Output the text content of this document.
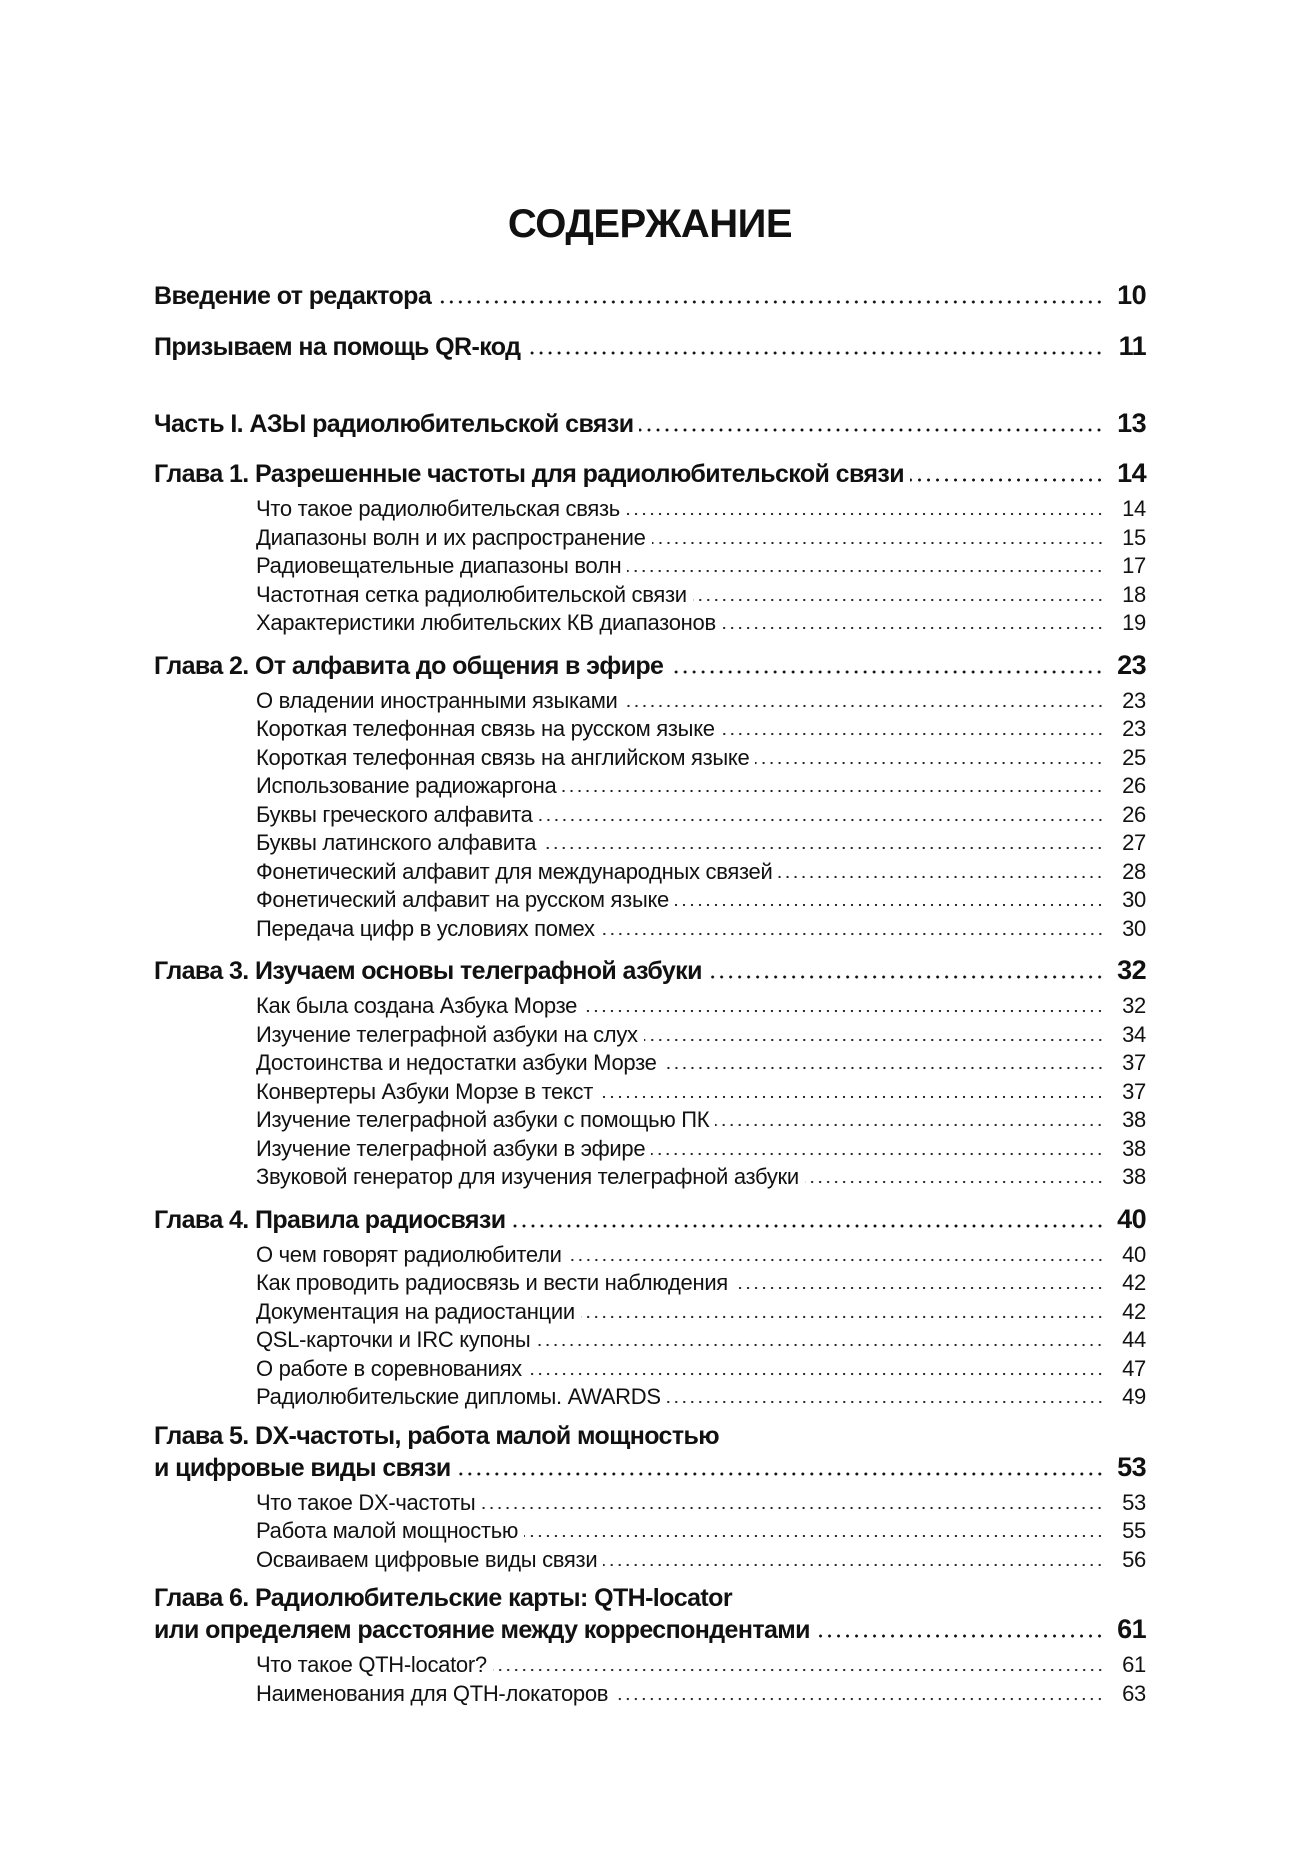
СОДЕРЖАНИЕ
Введение от редактора	10
Призываем на помощь QR-код	11
Часть I. АЗЫ радиолюбительской связи	13
Глава 1. Разрешенные частоты для радиолюбительской связи	14
Что такое радиолюбительская связь	14
Диапазоны волн и их распространение	15
Радиовещательные диапазоны волн	17
Частотная сетка радиолюбительской связи	18
Характеристики любительских КВ диапазонов	19
Глава 2. От алфавита до общения в эфире	23
О владении иностранными языками	23
Короткая телефонная связь на русском языке	23
Короткая телефонная связь на английском языке	25
Использование радиожаргона	26
Буквы греческого алфавита	26
Буквы латинского алфавита	27
Фонетический алфавит для международных связей	28
Фонетический алфавит на русском языке	30
Передача цифр в условиях помех	30
Глава 3. Изучаем основы телеграфной азбуки	32
Как была создана Азбука Морзе	32
Изучение телеграфной азбуки на слух	34
Достоинства и недостатки азбуки Морзе	37
Конвертеры Азбуки Морзе в текст	37
Изучение телеграфной азбуки с помощью ПК	38
Изучение телеграфной азбуки в эфире	38
Звуковой генератор для изучения телеграфной азбуки	38
Глава 4. Правила радиосвязи	40
О чем говорят радиолюбители	40
Как проводить радиосвязь и вести наблюдения	42
Документация на радиостанции	42
QSL-карточки и IRC купоны	44
О работе в соревнованиях	47
Радиолюбительские дипломы. AWARDS	49
Глава 5. DX-частоты, работа малой мощностью
и цифровые виды связи	53
Что такое DX-частоты	53
Работа малой мощностью	55
Осваиваем цифровые виды связи	56
Глава 6. Радиолюбительские карты: QTH-locator
или определяем расстояние между корреспондентами	61
Что такое QTH-locator?	61
Наименования для QTH-локаторов	63
